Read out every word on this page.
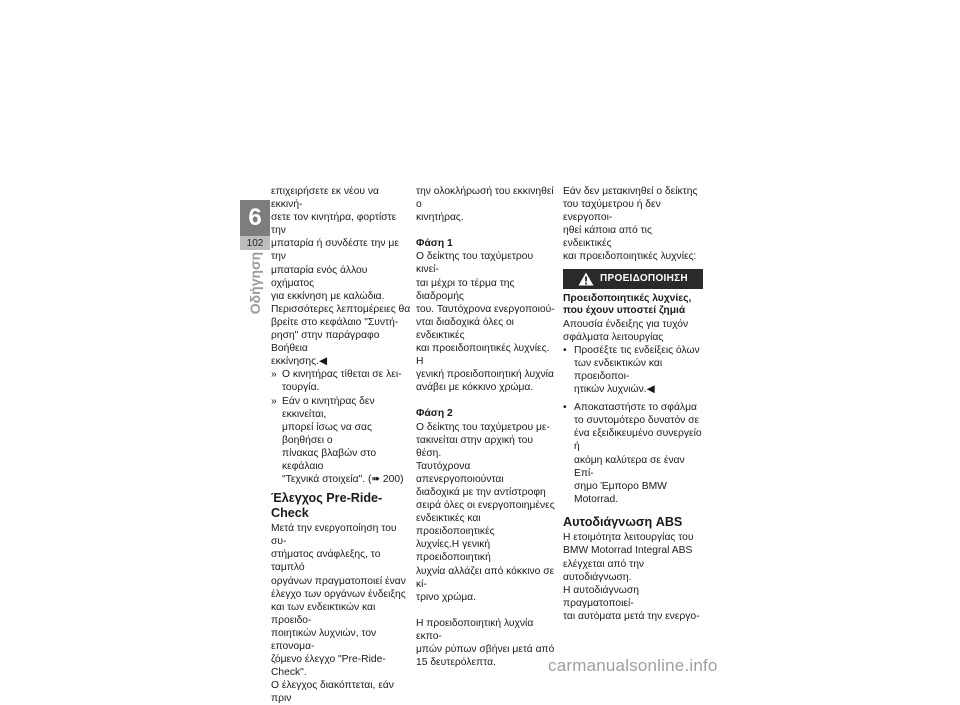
6
102
Οδήγηση

επιχειρήσετε εκ νέου να εκκινή-
σετε τον κινητήρα, φορτίστε την
μπαταρία ή συνδέστε την με την
μπαταρία ενός άλλου οχήματος
για εκκίνηση με καλώδια.
Περισσότερες λεπτομέρειες θα
βρείτε στο κεφάλαιο "Συντή-
ρηση" στην παράγραφο Βοήθεια
εκκίνησης.◀

» Ο κινητήρας τίθεται σε λει-
τουργία.
» Εάν ο κινητήρας δεν εκκινείται,
μπορεί ίσως να σας βοηθήσει ο
πίνακας βλαβών στο κεφάλαιο
"Τεχνικά στοιχεία". (➠ 200)
Έλεγχος Pre-Ride-
Check

Μετά την ενεργοποίηση του συ-
στήματος ανάφλεξης, το ταμπλό
οργάνων πραγματοποιεί έναν
έλεγχο των οργάνων ένδειξης
και των ενδεικτικών και προειδο-
ποιητικών λυχνιών, τον επονομα-
ζόμενο έλεγχο "Pre-Ride-Check".
Ο έλεγχος διακόπτεται, εάν πριν

την ολοκλήρωσή του εκκινηθεί ο
κινητήρας.

Φάση 1

Ο δείκτης του ταχύμετρου κινεί-
ται μέχρι το τέρμα της διαδρομής
του. Ταυτόχρονα ενεργοποιού-
νται διαδοχικά όλες οι ενδεικτικές
και προειδοποιητικές λυχνίες. Η
γενική προειδοποιητική λυχνία
ανάβει με κόκκινο χρώμα.

Φάση 2

Ο δείκτης του ταχύμετρου με-
τακινείται στην αρχική του θέση.
Ταυτόχρονα απενεργοποιούνται
διαδοχικά με την αντίστροφη
σειρά όλες οι ενεργοποιημένες
ενδεικτικές και προειδοποιητικές
λυχνίες.Η γενική προειδοποιητική
λυχνία αλλάζει από κόκκινο σε κί-
τρινο χρώμα.

Η προειδοποιητική λυχνία εκπο-
μπών ρύπων σβήνει μετά από
15 δευτερόλεπτα.

Εάν δεν μετακινηθεί ο δείκτης
του ταχύμετρου ή δεν ενεργοποι-
ηθεί κάποια από τις ενδεικτικές
και προειδοποιητικές λυχνίες:

ΠΡΟΕΙΔΟΠΟΙΗΣΗ
Προειδοποιητικές λυχνίες,
που έχουν υποστεί ζημιά

Απουσία ένδειξης για τυχόν
σφάλματα λειτουργίας

• Προσέξτε τις ενδείξεις όλων
των ενδεικτικών και προειδοποι-
ητικών λυχνιών.◀
• Αποκαταστήστε το σφάλμα
το συντομότερο δυνατόν σε
ένα εξειδικευμένο συνεργείο ή
ακόμη καλύτερα σε έναν Επί-
σημο Έμπορο BMW Motorrad.
Αυτοδιάγνωση ABS

Η ετοιμότητα λειτουργίας του
BMW Motorrad Integral ABS
ελέγχεται από την αυτοδιάγνωση.
Η αυτοδιάγνωση πραγματοποιεί-
ται αυτόματα μετά την ενεργο-

carmanualsonline.info
